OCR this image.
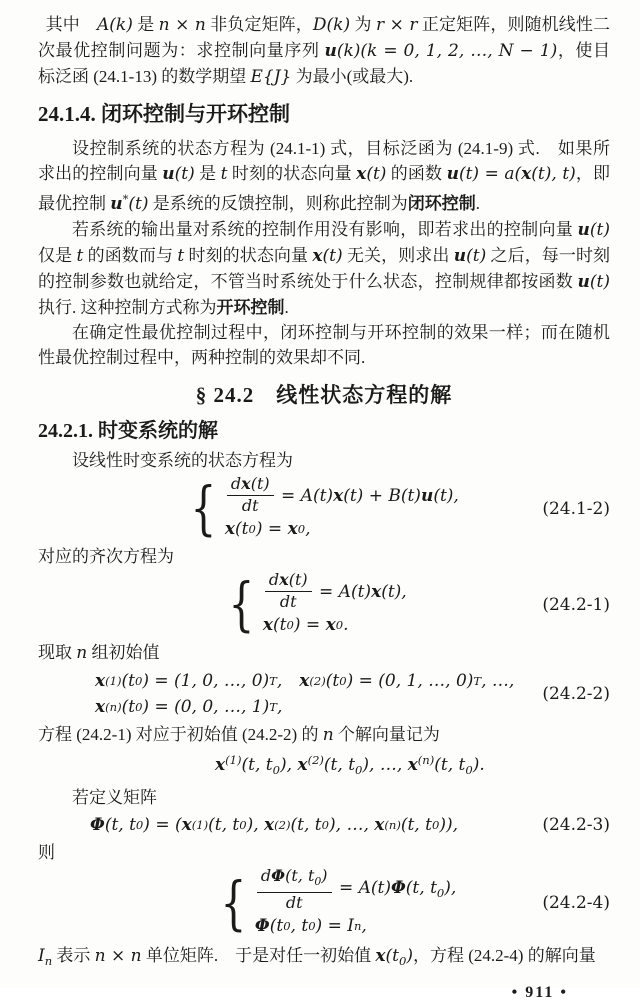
其中　A(k) 是 n × n 非负定矩阵，D(k) 为 r × r 正定矩阵，则随机线性二次最优控制问题为：求控制向量序列 u(k)(k = 0, 1, 2, …, N − 1)，使目标泛函 (24.1-13) 的数学期望 E{J} 为最小(或最大).
24.1.4. 闭环控制与开环控制
设控制系统的状态方程为 (24.1-1) 式，目标泛函为 (24.1-9) 式.　如果所求出的控制向量 u(t) 是 t 时刻的状态向量 x(t) 的函数 u(t) = a(x(t), t)，即最优控制 u*(t) 是系统的反馈控制，则称此控制为闭环控制.
若系统的输出量对系统的控制作用没有影响，即若求出的控制向量 u(t) 仅是 t 的函数而与 t 时刻的状态向量 x(t) 无关，则求出 u(t) 之后，每一时刻的控制参数也就给定，不管当时系统处于什么状态，控制规律都按函数 u(t) 执行. 这种控制方式称为开环控制.
在确定性最优控制过程中，闭环控制与开环控制的效果一样；而在随机性最优控制过程中，两种控制的效果却不同.
§ 24.2　线性状态方程的解
24.2.1. 时变系统的解
设线性时变系统的状态方程为
{ $\frac{dx(t)}{dt} = A(t)x(t) + B(t)u(t)$,
x (t 0 ) = x 0 ,
(24.1-2)
对应的齐次方程为
{ $\frac{dx(t)}{dt} = A(t)x(t)$,
x (t 0 ) = x 0 .
(24.2-1)
现取 n 组初始值
x (1) (t 0 ) = (1, 0, …, 0) T ,　 x (2) (t 0 ) = (0, 1, …, 0) T , …,
x (n) (t 0 ) = (0, 0, …, 1) T ,
(24.2-2)
方程 (24.2-1) 对应于初始值 (24.2-2) 的 n 个解向量记为
$x^{(1)}(t$, $t_0$), $x^{(2)}(t$, $t_0$), …, $x^{(n)}(t$, $t_0$).
若定义矩阵
Φ (t, t 0 ) = ( x (1) (t, t 0 ), x (2) (t, t 0 ), …, x (n) (t, t 0 )),	(24.2-3)
则
{ $\frac{d\Phi(t, t_0)}{dt} = A(t)\Phi(t$, $t_0$),
Φ (t 0 , t 0 ) = I n ,
(24.2-4)
$I_n$ 表示 n × n 单位矩阵.　于是对任一初始值 $x(t_0)$，方程 (24.2-4) 的解向量
• 911 •
